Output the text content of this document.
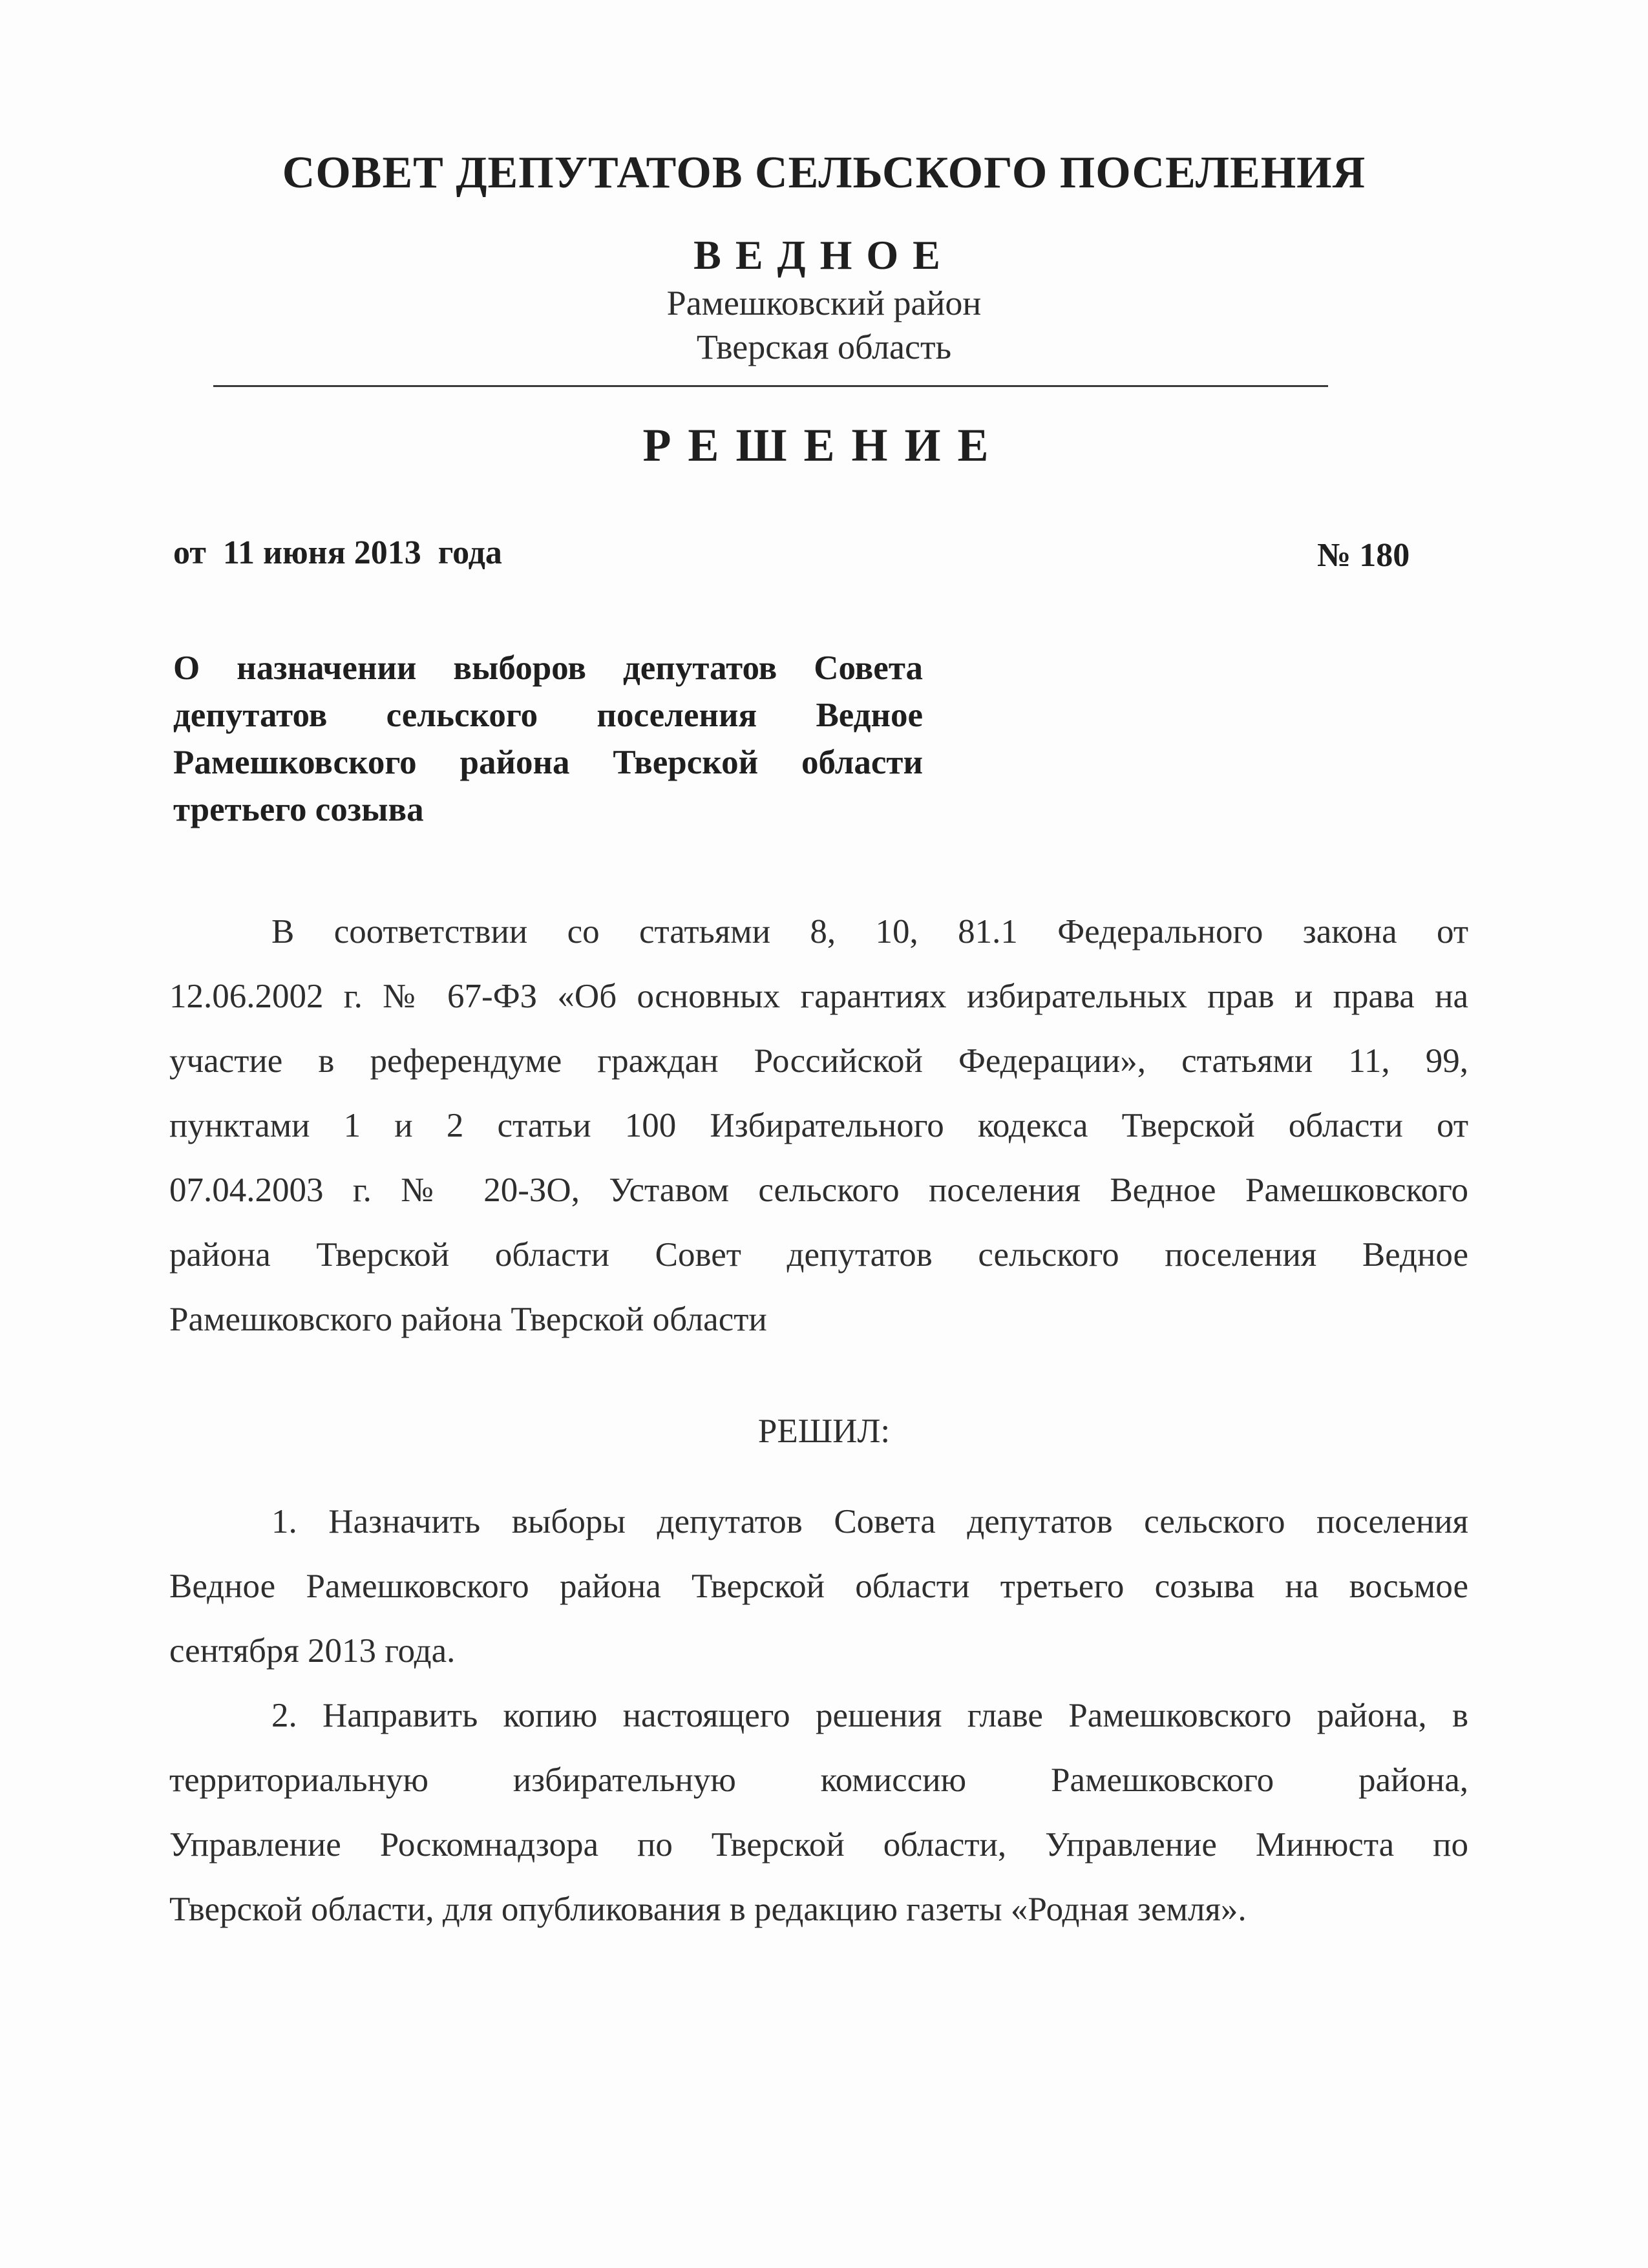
СОВЕТ ДЕПУТАТОВ СЕЛЬСКОГО ПОСЕЛЕНИЯ
ВЕДНОЕ
Рамешковский район
Тверская область
РЕШЕНИЕ
от  11 июня 2013  года	№ 180
О назначении выборов депутатов Совета
депутатов сельского поселения Ведное
Рамешковского района Тверской области
третьего созыва
В соответствии со статьями 8, 10, 81.1 Федерального закона от
12.06.2002 г. № 67-ФЗ «Об основных гарантиях избирательных прав и права на
участие в референдуме граждан Российской Федерации», статьями 11, 99,
пунктами 1 и 2 статьи 100 Избирательного кодекса Тверской области от
07.04.2003 г. № 20-ЗО, Уставом сельского поселения Ведное Рамешковского
района Тверской области Совет депутатов сельского поселения Ведное
Рамешковского района Тверской области
РЕШИЛ:
1. Назначить выборы депутатов Совета депутатов сельского поселения
Ведное Рамешковского района Тверской области третьего созыва на восьмое
сентября 2013 года.
2. Направить копию настоящего решения главе Рамешковского района, в
территориальную избирательную комиссию Рамешковского района,
Управление Роскомнадзора по Тверской области, Управление Минюста по
Тверской области, для опубликования в редакцию газеты «Родная земля».
